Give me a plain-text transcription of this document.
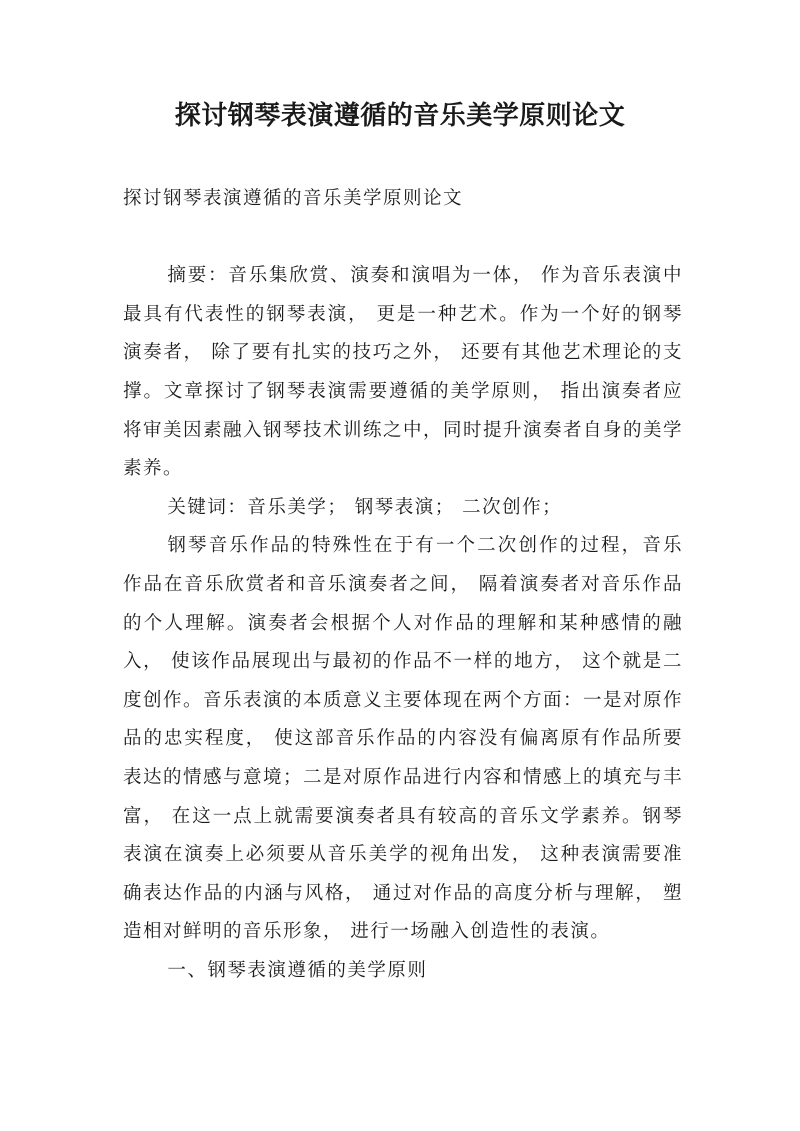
探讨钢琴表演遵循的音乐美学原则论文

探讨钢琴表演遵循的音乐美学原则论文

摘要：音乐集欣赏、演奏和演唱为一体， 作为音乐表演中最具有代表性的钢琴表演， 更是一种艺术。作为一个好的钢琴演奏者， 除了要有扎实的技巧之外， 还要有其他艺术理论的支撑。文章探讨了钢琴表演需要遵循的美学原则， 指出演奏者应将审美因素融入钢琴技术训练之中，同时提升演奏者自身的美学素养。

关键词：音乐美学； 钢琴表演； 二次创作；

钢琴音乐作品的特殊性在于有一个二次创作的过程，音乐作品在音乐欣赏者和音乐演奏者之间， 隔着演奏者对音乐作品的个人理解。演奏者会根据个人对作品的理解和某种感情的融入， 使该作品展现出与最初的作品不一样的地方， 这个就是二度创作。音乐表演的本质意义主要体现在两个方面：一是对原作品的忠实程度， 使这部音乐作品的内容没有偏离原有作品所要表达的情感与意境；二是对原作品进行内容和情感上的填充与丰富， 在这一点上就需要演奏者具有较高的音乐文学素养。钢琴表演在演奏上必须要从音乐美学的视角出发， 这种表演需要准确表达作品的内涵与风格， 通过对作品的高度分析与理解， 塑造相对鲜明的音乐形象， 进行一场融入创造性的表演。

一、钢琴表演遵循的美学原则
